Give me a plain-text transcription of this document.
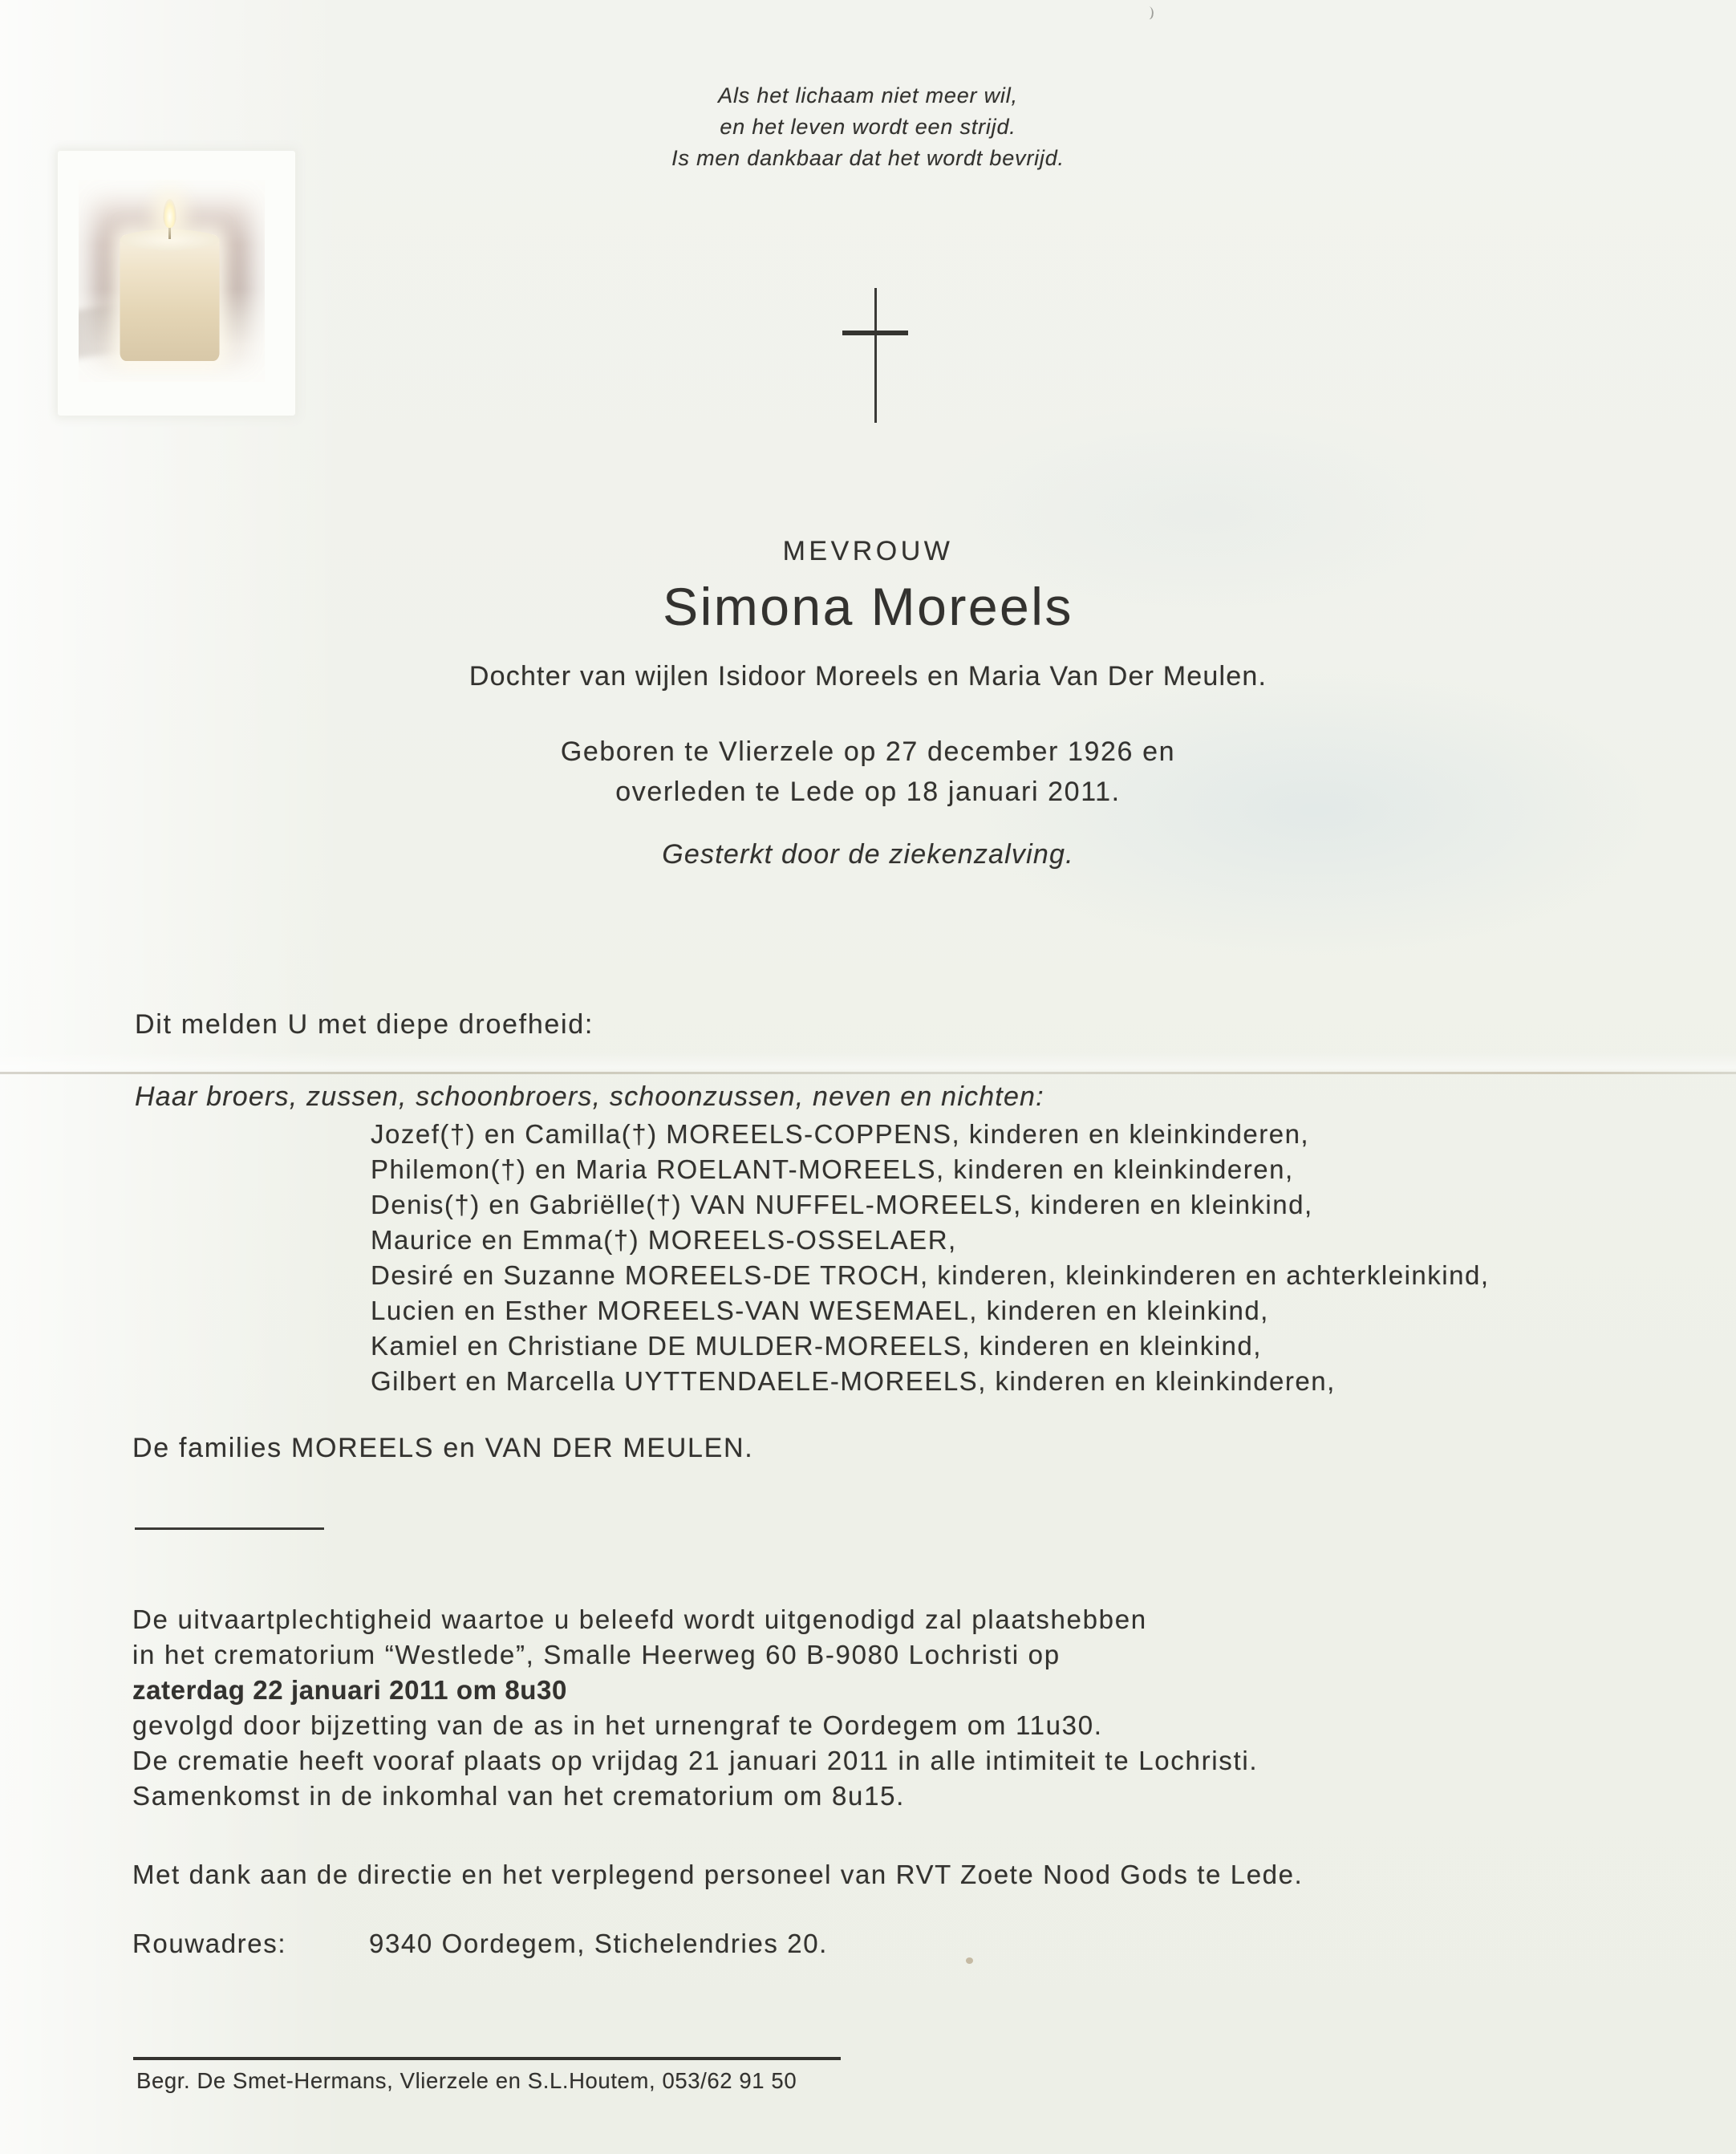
Als het lichaam niet meer wil,
en het leven wordt een strijd.
Is men dankbaar dat het wordt bevrijd.
MEVROUW
Simona Moreels
Dochter van wijlen Isidoor Moreels en Maria Van Der Meulen.
Geboren te Vlierzele op 27 december 1926 en
overleden te Lede op 18 januari 2011.
Gesterkt door de ziekenzalving.
Dit melden U met diepe droefheid:
Haar broers, zussen, schoonbroers, schoonzussen, neven en nichten:
Jozef(†) en Camilla(†) MOREELS-COPPENS, kinderen en kleinkinderen,
Philemon(†) en Maria ROELANT-MOREELS, kinderen en kleinkinderen,
Denis(†) en Gabriëlle(†) VAN NUFFEL-MOREELS, kinderen en kleinkind,
Maurice en Emma(†) MOREELS-OSSELAER,
Desiré en Suzanne MOREELS-DE TROCH, kinderen, kleinkinderen en achterkleinkind,
Lucien en Esther MOREELS-VAN WESEMAEL, kinderen en kleinkind,
Kamiel en Christiane DE MULDER-MOREELS, kinderen en kleinkind,
Gilbert en Marcella UYTTENDAELE-MOREELS, kinderen en kleinkinderen,
De families MOREELS en VAN DER MEULEN.
De uitvaartplechtigheid waartoe u beleefd wordt uitgenodigd zal plaatshebben
in het crematorium “Westlede”, Smalle Heerweg 60 B-9080 Lochristi op
zaterdag 22 januari 2011 om 8u30
gevolgd door bijzetting van de as in het urnengraf te Oordegem om 11u30.
De crematie heeft vooraf plaats op vrijdag 21 januari 2011 in alle intimiteit te Lochristi.
Samenkomst in de inkomhal van het crematorium om 8u15.
Met dank aan de directie en het verplegend personeel van RVT Zoete Nood Gods te Lede.
Rouwadres:	9340 Oordegem, Stichelendries 20.
Begr. De Smet-Hermans, Vlierzele en S.L.Houtem, 053/62 91 50
